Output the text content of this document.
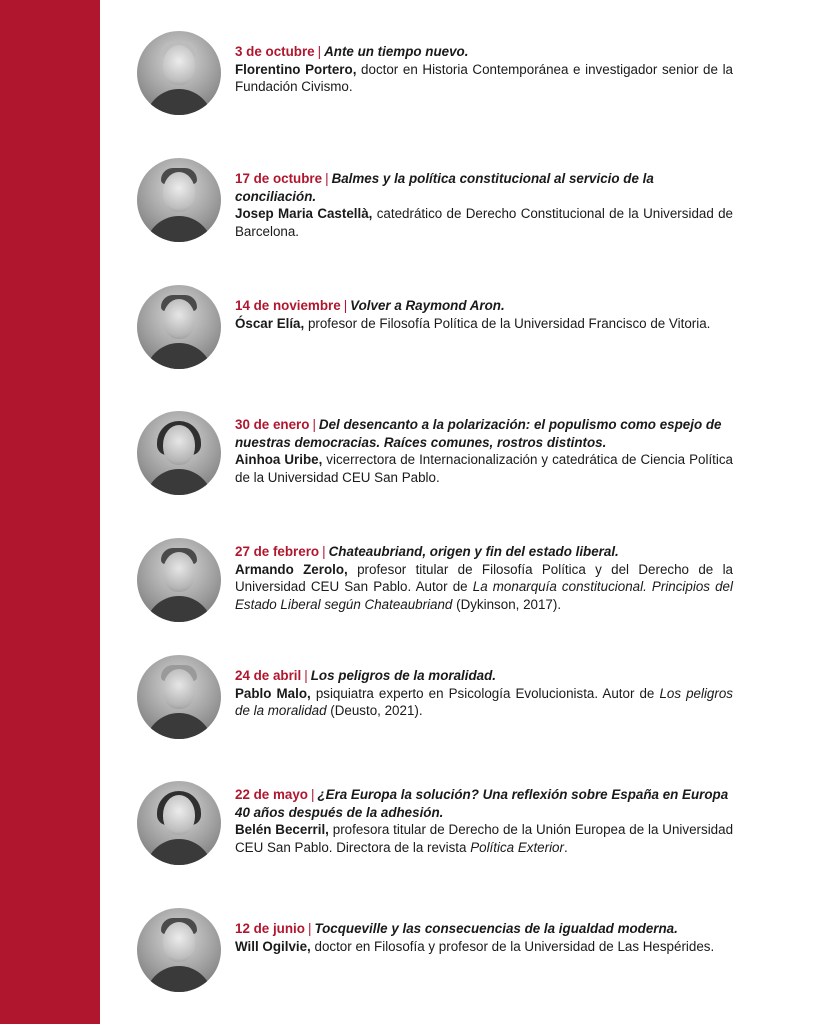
3 de octubre | Ante un tiempo nuevo.
Florentino Portero, doctor en Historia Contemporánea e investigador senior de la Fundación Civismo.
17 de octubre | Balmes y la política constitucional al servicio de la conciliación.
Josep Maria Castellà, catedrático de Derecho Constitucional de la Universidad de Barcelona.
14 de noviembre | Volver a Raymond Aron.
Óscar Elía, profesor de Filosofía Política de la Universidad Francisco de Vitoria.
30 de enero | Del desencanto a la polarización: el populismo como espejo de
nuestras democracias. Raíces comunes, rostros distintos.
Ainhoa Uribe, vicerrectora de Internacionalización y catedrática de Ciencia Política de la Universidad CEU San Pablo.
27 de febrero | Chateaubriand, origen y fin del estado liberal.
Armando Zerolo, profesor titular de Filosofía Política y del Derecho de la Universidad CEU San Pablo. Autor de La monarquía constitucional. Principios del Estado Liberal según Chateaubriand (Dykinson, 2017).
24 de abril | Los peligros de la moralidad.
Pablo Malo, psiquiatra experto en Psicología Evolucionista. Autor de Los peligros de la moralidad (Deusto, 2021).
22 de mayo | ¿Era Europa la solución? Una reflexión sobre España en Europa
40 años después de la adhesión.
Belén Becerril, profesora titular de Derecho de la Unión Europea de la Universidad CEU San Pablo. Directora de la revista Política Exterior.
12 de junio | Tocqueville y las consecuencias de la igualdad moderna.
Will Ogilvie, doctor en Filosofía y profesor de la Universidad de Las Hespérides.
